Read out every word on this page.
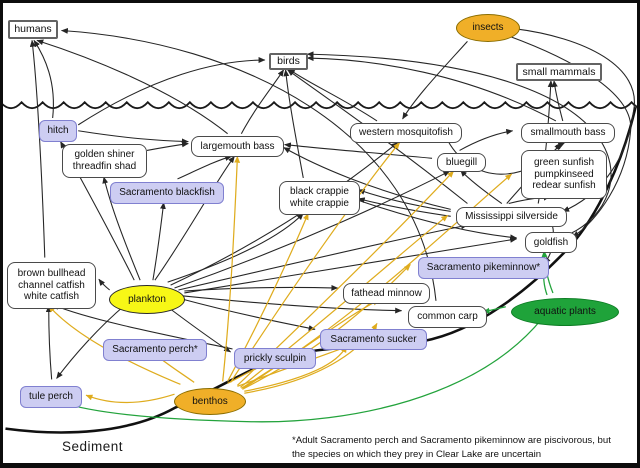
humans
birds
small mammals
insects
hitch
golden shiner
threadfin shad
largemouth bass
western mosquitofish	smallmouth bass
bluegill	green sunfish
pumpkinseed
redear sunfish
Sacramento blackfish	black crappie
white crappie
Mississippi silverside
goldfish
Sacramento pikeminnow*
brown bullhead
channel catfish
white catfish	plankton
fathead minnow
common carp	aquatic plants
Sacramento perch*
prickly sculpin
Sacramento sucker
tule perch	benthos
Sediment	*Adult Sacramento perch and Sacramento pikeminnow are piscivorous, but
the species on which they prey in Clear Lake are uncertain
